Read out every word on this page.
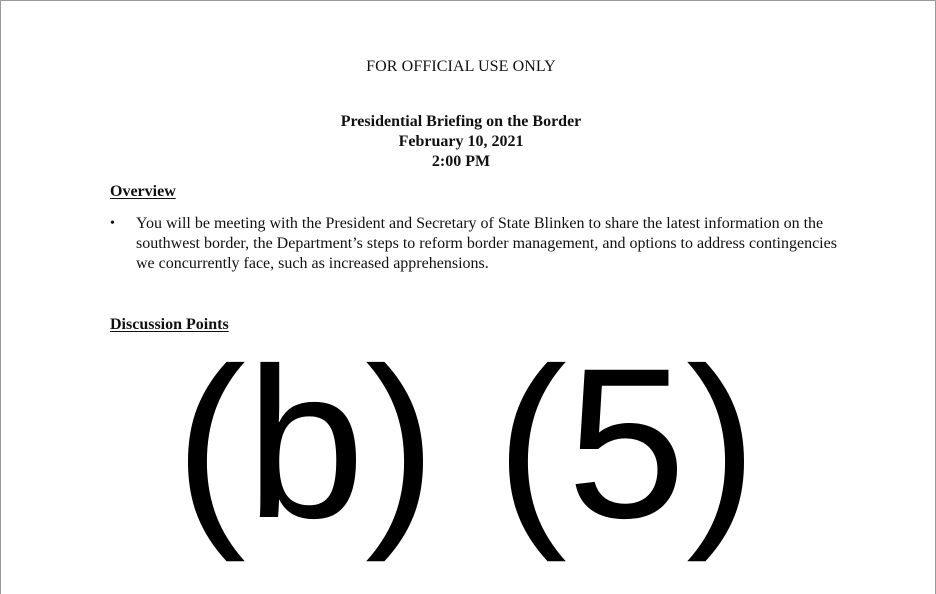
FOR OFFICIAL USE ONLY
Presidential Briefing on the Border
February 10, 2021
2:00 PM
Overview
• You will be meeting with the President and Secretary of State Blinken to share the latest information on the southwest border, the Department’s steps to reform border management, and options to address contingencies we concurrently face, such as increased apprehensions.
Discussion Points
(b) (5)
